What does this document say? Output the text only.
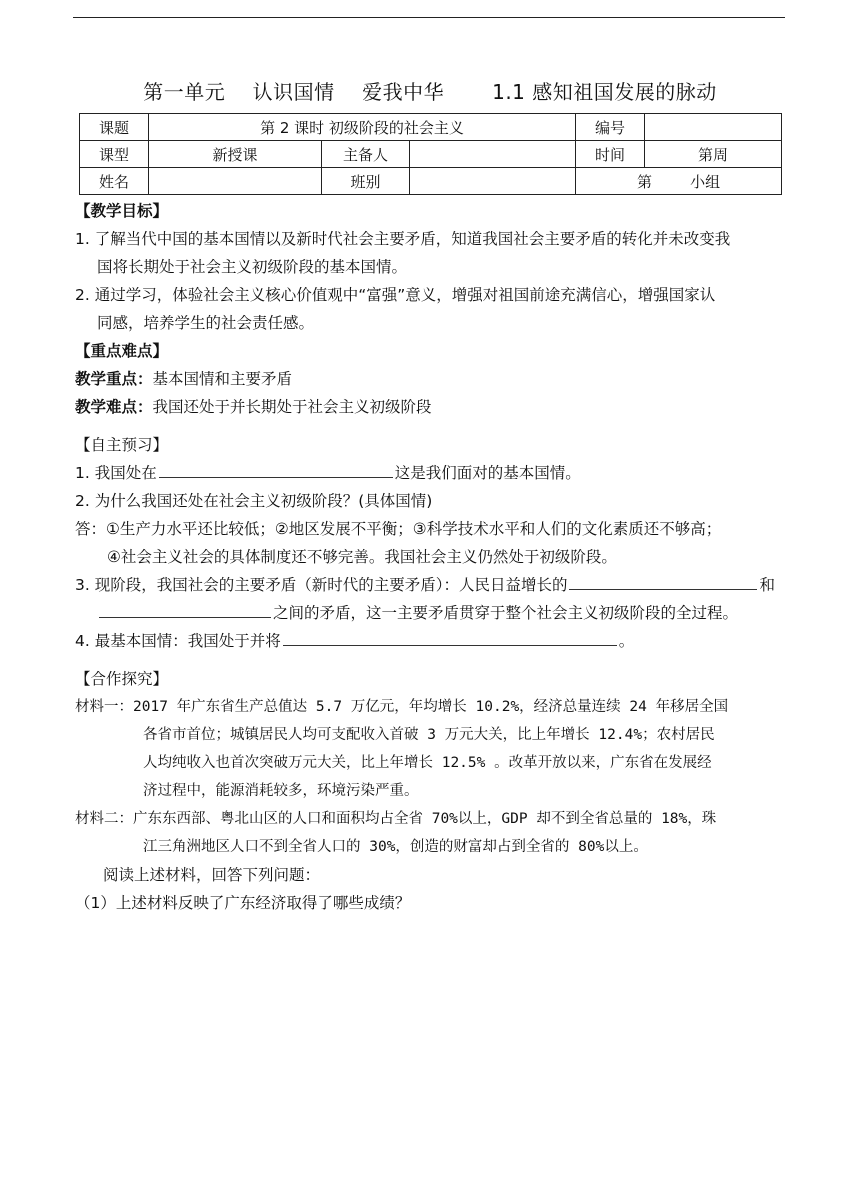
第一单元    认识国情    爱我中华       1.1 感知祖国发展的脉动
课题	第 2 课时 初级阶段的社会主义			编号	
课型	新授课	主备人		时间	第周
姓名		班别		第        小组	
【教学目标】
1. 了解当代中国的基本国情以及新时代社会主要矛盾，知道我国社会主要矛盾的转化并未改变我
国将长期处于社会主义初级阶段的基本国情。
2. 通过学习，体验社会主义核心价值观中“富强”意义，增强对祖国前途充满信心，增强国家认
同感，培养学生的社会责任感。
【重点难点】
教学重点：基本国情和主要矛盾
教学难点：我国还处于并长期处于社会主义初级阶段
【自主预习】
1. 我国处在	这是我们面对的基本国情。
2. 为什么我国还处在社会主义初级阶段？(具体国情)
答：①生产力水平还比较低；②地区发展不平衡；③科学技术水平和人们的文化素质还不够高；
④社会主义社会的具体制度还不够完善。我国社会主义仍然处于初级阶段。
3. 现阶段，我国社会的主要矛盾（新时代的主要矛盾）：人民日益增长的	和
之间的矛盾，这一主要矛盾贯穿于整个社会主义初级阶段的全过程。
4. 最基本国情：我国处于并将	。
【合作探究】
材料一：2017 年广东省生产总值达 5.7 万亿元，年均增长 10.2%，经济总量连续 24 年移居全国
各省市首位；城镇居民人均可支配收入首破 3 万元大关，比上年增长 12.4%；农村居民
人均纯收入也首次突破万元大关，比上年增长 12.5% 。改革开放以来，广东省在发展经
济过程中，能源消耗较多，环境污染严重。
材料二：广东东西部、粤北山区的人口和面积均占全省 70%以上，GDP 却不到全省总量的 18%，珠
江三角洲地区人口不到全省人口的 30%，创造的财富却占到全省的 80%以上。
阅读上述材料，回答下列问题：
（1）上述材料反映了广东经济取得了哪些成绩？
